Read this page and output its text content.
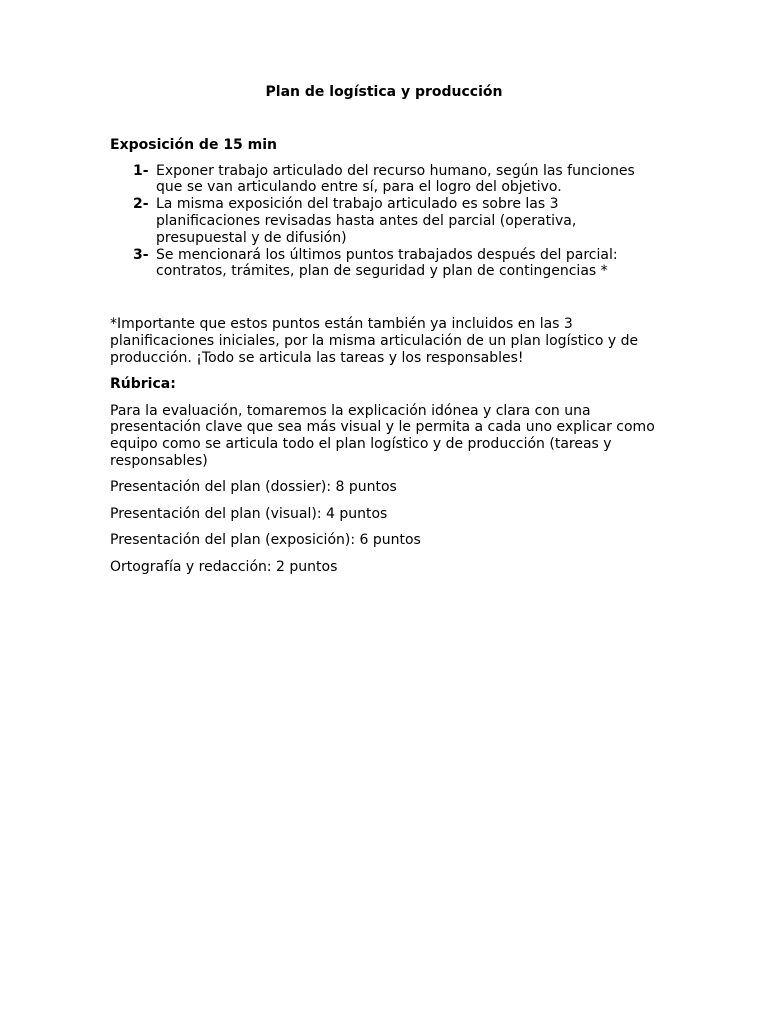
Plan de logística y producción
Exposición de 15 min
1- Exponer trabajo articulado del recurso humano, según las funciones que se van articulando entre sí, para el logro del objetivo.
2- La misma exposición del trabajo articulado es sobre las 3 planificaciones revisadas hasta antes del parcial (operativa, presupuestal y de difusión)
3- Se mencionará los últimos puntos trabajados después del parcial: contratos, trámites, plan de seguridad y plan de contingencias *

*Importante que estos puntos están también ya incluidos en las 3 planificaciones iniciales, por la misma articulación de un plan logístico y de producción. ¡Todo se articula las tareas y los responsables!

Rúbrica:

Para la evaluación, tomaremos la explicación idónea y clara con una presentación clave que sea más visual y le permita a cada uno explicar como equipo como se articula todo el plan logístico y de producción (tareas y responsables)

Presentación del plan (dossier): 8 puntos

Presentación del plan (visual): 4 puntos

Presentación del plan (exposición): 6 puntos

Ortografía y redacción: 2 puntos
